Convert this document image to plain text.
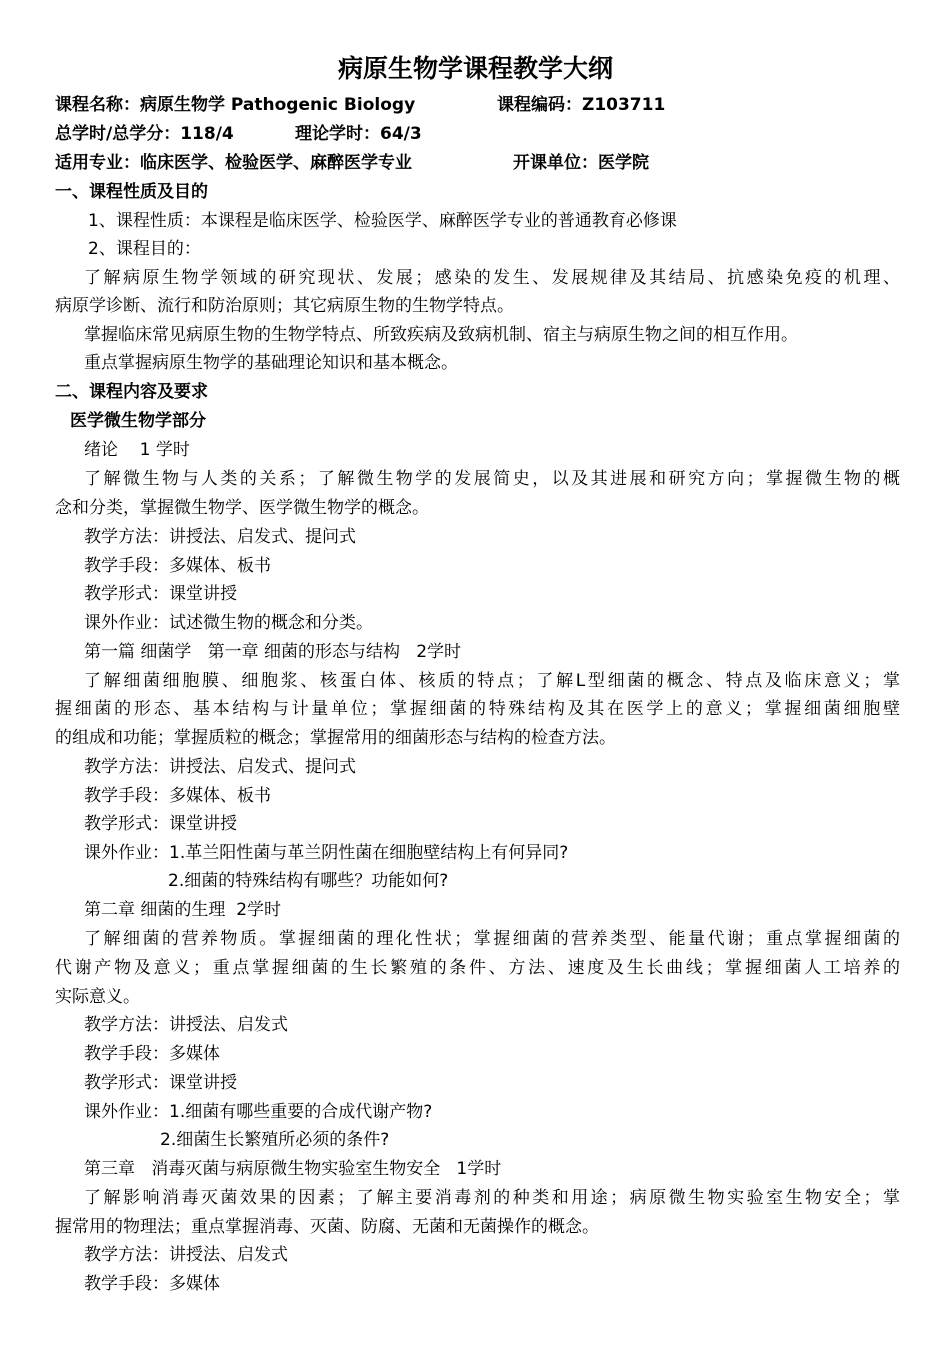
病原生物学课程教学大纲
课程名称：病原生物学 Pathogenic Biology	课程编码：Z103711
总学时/总学分：118/4	理论学时：64/3
适用专业：临床医学、检验医学、麻醉医学专业	开课单位：医学院
一、课程性质及目的
1、课程性质：本课程是临床医学、检验医学、麻醉医学专业的普通教育必修课
2、课程目的：
了解病原生物学领域的研究现状、发展；感染的发生、发展规律及其结局、抗感染免疫的机理、
病原学诊断、流行和防治原则；其它病原生物的生物学特点。
掌握临床常见病原生物的生物学特点、所致疾病及致病机制、宿主与病原生物之间的相互作用。
重点掌握病原生物学的基础理论知识和基本概念。
二、课程内容及要求
医学微生物学部分
绪论    1 学时
了解微生物与人类的关系；了解微生物学的发展简史，以及其进展和研究方向；掌握微生物的概
念和分类，掌握微生物学、医学微生物学的概念。
教学方法：讲授法、启发式、提问式
教学手段：多媒体、板书
教学形式：课堂讲授
课外作业：试述微生物的概念和分类。
第一篇 细菌学   第一章 细菌的形态与结构   2学时
了解细菌细胞膜、细胞浆、核蛋白体、核质的特点；了解L型细菌的概念、特点及临床意义；掌
握细菌的形态、基本结构与计量单位；掌握细菌的特殊结构及其在医学上的意义；掌握细菌细胞壁
的组成和功能；掌握质粒的概念；掌握常用的细菌形态与结构的检查方法。
教学方法：讲授法、启发式、提问式
教学手段：多媒体、板书
教学形式：课堂讲授
课外作业：1.革兰阳性菌与革兰阴性菌在细胞壁结构上有何异同?
2.细菌的特殊结构有哪些？功能如何?
第二章 细菌的生理  2学时
了解细菌的营养物质。掌握细菌的理化性状；掌握细菌的营养类型、能量代谢；重点掌握细菌的
代谢产物及意义；重点掌握细菌的生长繁殖的条件、方法、速度及生长曲线；掌握细菌人工培养的
实际意义。
教学方法：讲授法、启发式
教学手段：多媒体
教学形式：课堂讲授
课外作业：1.细菌有哪些重要的合成代谢产物?
2.细菌生长繁殖所必须的条件?
第三章   消毒灭菌与病原微生物实验室生物安全   1学时
了解影响消毒灭菌效果的因素；了解主要消毒剂的种类和用途；病原微生物实验室生物安全；掌
握常用的物理法；重点掌握消毒、灭菌、防腐、无菌和无菌操作的概念。
教学方法：讲授法、启发式
教学手段：多媒体
